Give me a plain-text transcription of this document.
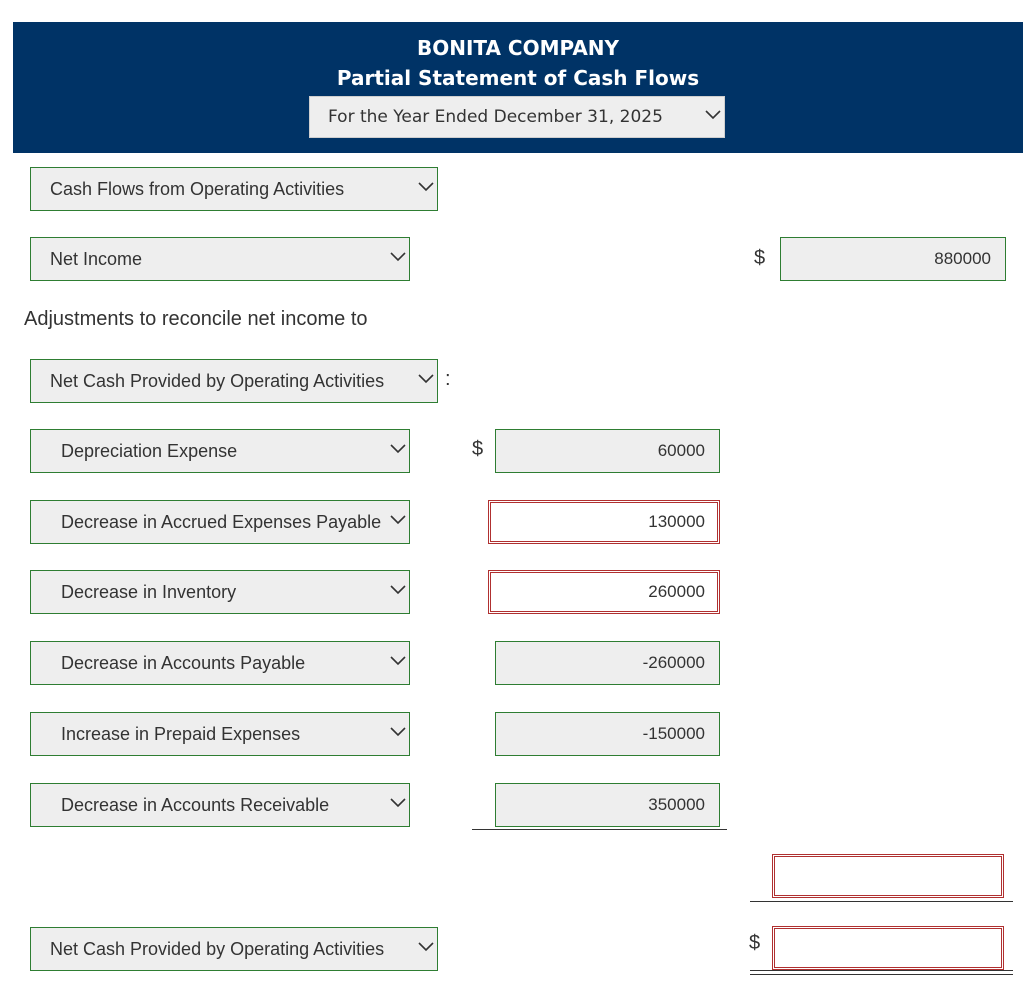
BONITA COMPANY
Partial Statement of Cash Flows
For the Year Ended December 31, 2025
Cash Flows from Operating Activities
Net Income	$	880000
Adjustments to reconcile net income to
Net Cash Provided by Operating Activities	:
Depreciation Expense	$	60000
Decrease in Accrued Expenses Payable	130000
Decrease in Inventory	260000
Decrease in Accounts Payable	-260000
Increase in Prepaid Expenses	-150000
Decrease in Accounts Receivable	350000
Net Cash Provided by Operating Activities	$
